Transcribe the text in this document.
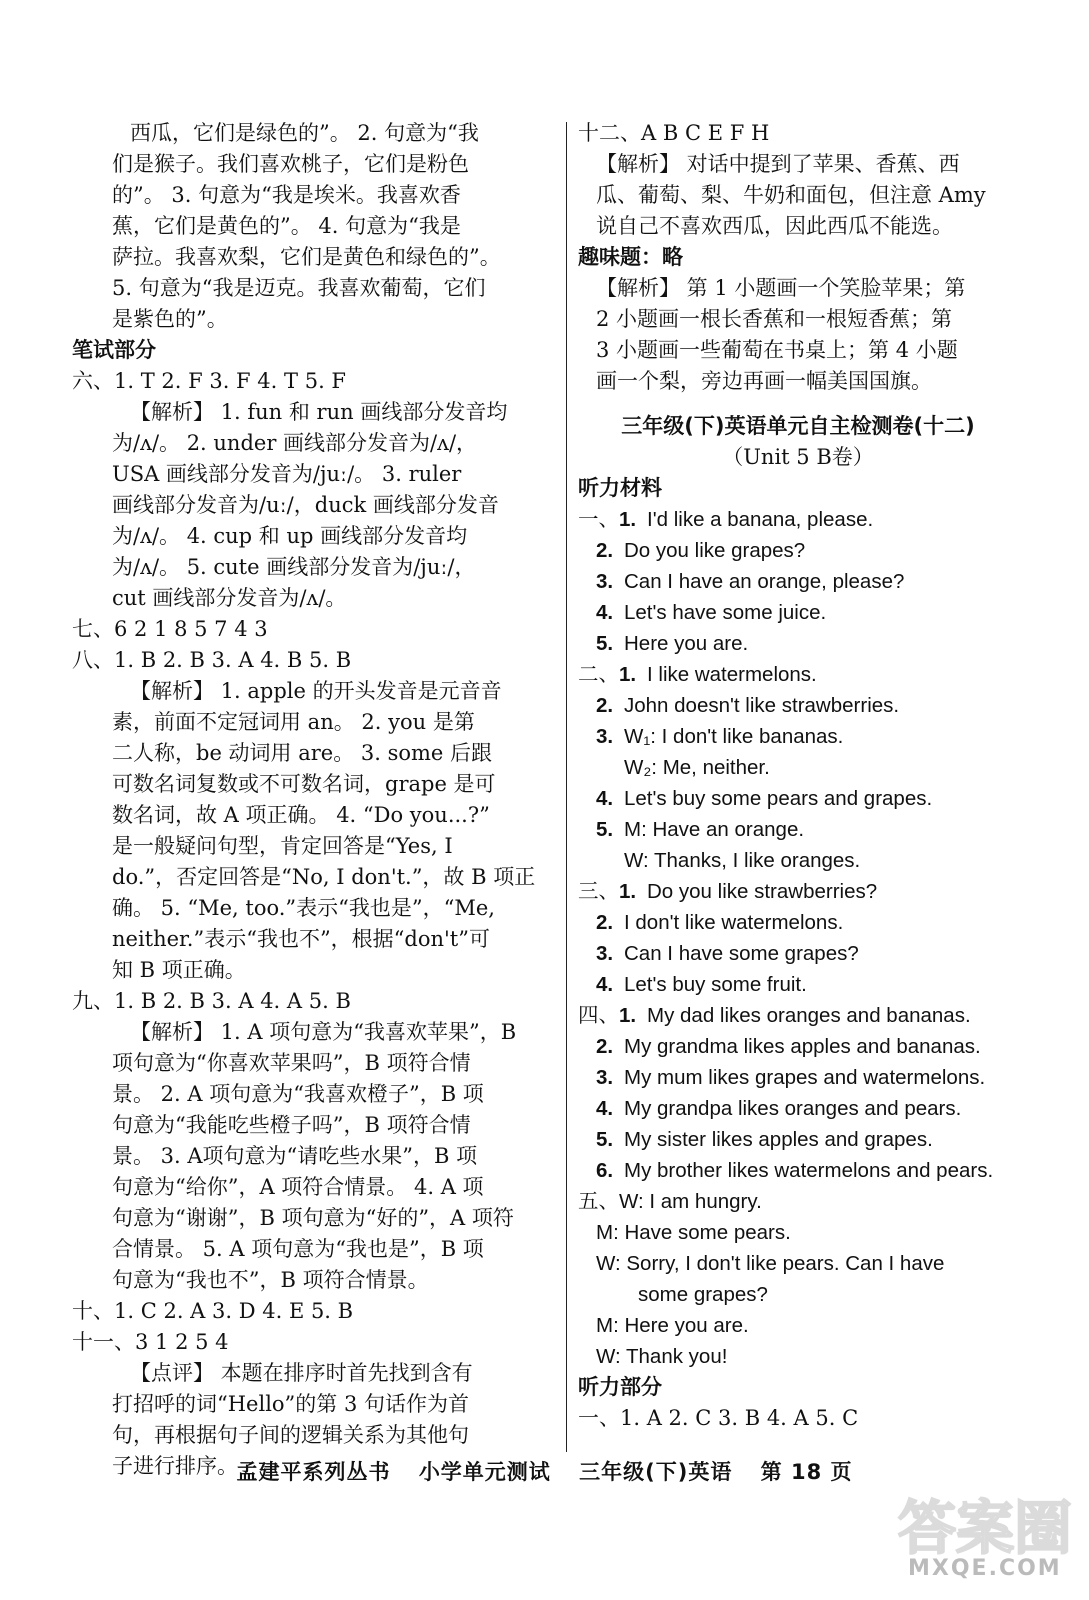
西瓜，它们是绿色的”。 2. 句意为“我
们是猴子。我们喜欢桃子，它们是粉色
的”。 3. 句意为“我是埃米。我喜欢香
蕉，它们是黄色的”。 4. 句意为“我是
萨拉。我喜欢梨，它们是黄色和绿色的”。
5. 句意为“我是迈克。我喜欢葡萄，它们
是紫色的”。
笔试部分
六、1. T 2. F 3. F 4. T 5. F
【解析】 1. fun 和 run 画线部分发音均
为/ʌ/。 2. under 画线部分发音为/ʌ/，
USA 画线部分发音为/juː/。 3. ruler
画线部分发音为/uː/，duck 画线部分发音
为/ʌ/。 4. cup 和 up 画线部分发音均
为/ʌ/。 5. cute 画线部分发音为/juː/，
cut 画线部分发音为/ʌ/。
七、6 2 1 8 5 7 4 3
八、1. B 2. B 3. A 4. B 5. B
【解析】 1. apple 的开头发音是元音音
素，前面不定冠词用 an。 2. you 是第
二人称，be 动词用 are。 3. some 后跟
可数名词复数或不可数名词，grape 是可
数名词，故 A 项正确。 4. “Do you...?”
是一般疑问句型，肯定回答是“Yes, I
do.”，否定回答是“No, I don't.”，故 B 项正
确。 5. “Me, too.”表示“我也是”，“Me,
neither.”表示“我也不”，根据“don't”可
知 B 项正确。
九、1. B 2. B 3. A 4. A 5. B
【解析】 1. A 项句意为“我喜欢苹果”，B
项句意为“你喜欢苹果吗”，B 项符合情
景。 2. A 项句意为“我喜欢橙子”，B 项
句意为“我能吃些橙子吗”，B 项符合情
景。 3. A项句意为“请吃些水果”，B 项
句意为“给你”，A 项符合情景。 4. A 项
句意为“谢谢”，B 项句意为“好的”，A 项符
合情景。 5. A 项句意为“我也是”，B 项
句意为“我也不”，B 项符合情景。
十、1. C 2. A 3. D 4. E 5. B
十一、3 1 2 5 4
【点评】 本题在排序时首先找到含有
打招呼的词“Hello”的第 3 句话作为首
句，再根据句子间的逻辑关系为其他句
子进行排序。
十二、A B C E F H
【解析】 对话中提到了苹果、香蕉、西
瓜、葡萄、梨、牛奶和面包，但注意 Amy
说自己不喜欢西瓜，因此西瓜不能选。
趣味题：略
【解析】 第 1 小题画一个笑脸苹果；第
2 小题画一根长香蕉和一根短香蕉；第
3 小题画一些葡萄在书桌上；第 4 小题
画一个梨，旁边再画一幅美国国旗。
三年级(下)英语单元自主检测卷(十二)
（Unit 5 B卷）
听力材料
一、1. I'd like a banana, please.
2. Do you like grapes?
3. Can I have an orange, please?
4. Let's have some juice.
5. Here you are.
二、1. I like watermelons.
2. John doesn't like strawberries.
3. W₁: I don't like bananas.
W₂: Me, neither.
4. Let's buy some pears and grapes.
5. M: Have an orange.
W: Thanks, I like oranges.
三、1. Do you like strawberries?
2. I don't like watermelons.
3. Can I have some grapes?
4. Let's buy some fruit.
四、1. My dad likes oranges and bananas.
2. My grandma likes apples and bananas.
3. My mum likes grapes and watermelons.
4. My grandpa likes oranges and pears.
5. My sister likes apples and grapes.
6. My brother likes watermelons and pears.
五、W: I am hungry.
M: Have some pears.
W: Sorry, I don't like pears. Can I have
some grapes?
M: Here you are.
W: Thank you!
听力部分
一、1. A 2. C 3. B 4. A 5. C
孟建平系列丛书 小学单元测试 三年级(下)英语 第 18 页
答案圈
MXQE.COM
